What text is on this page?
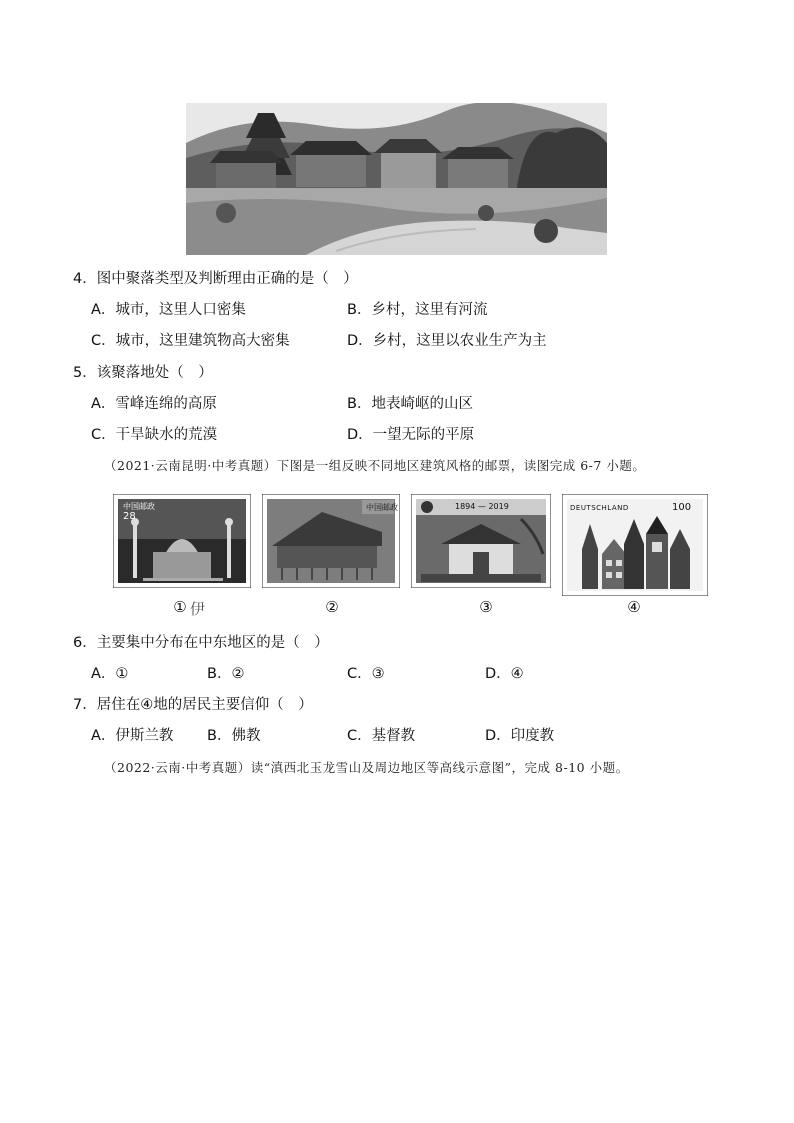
4．图中聚落类型及判断理由正确的是（　）
A．城市，这里人口密集	B．乡村，这里有河流
C．城市，这里建筑物高大密集	D．乡村，这里以农业生产为主
5．该聚落地处（　）
A．雪峰连绵的高原	B．地表崎岖的山区
C．干旱缺水的荒漠	D．一望无际的平原
（2021·云南昆明·中考真题）下图是一组反映不同地区建筑风格的邮票，读图完成 6-7 小题。
中国邮政
28
中国邮政	1894 — 2019	DEUTSCHLAND	100
① 伊	②	③	④
6．主要集中分布在中东地区的是（　）
A．①	B．②	C．③	D．④
7．居住在④地的居民主要信仰（　）
A．伊斯兰教 B．佛教	C．基督教	D．印度教
（2022·云南·中考真题）读“滇西北玉龙雪山及周边地区等高线示意图”，完成 8-10 小题。
